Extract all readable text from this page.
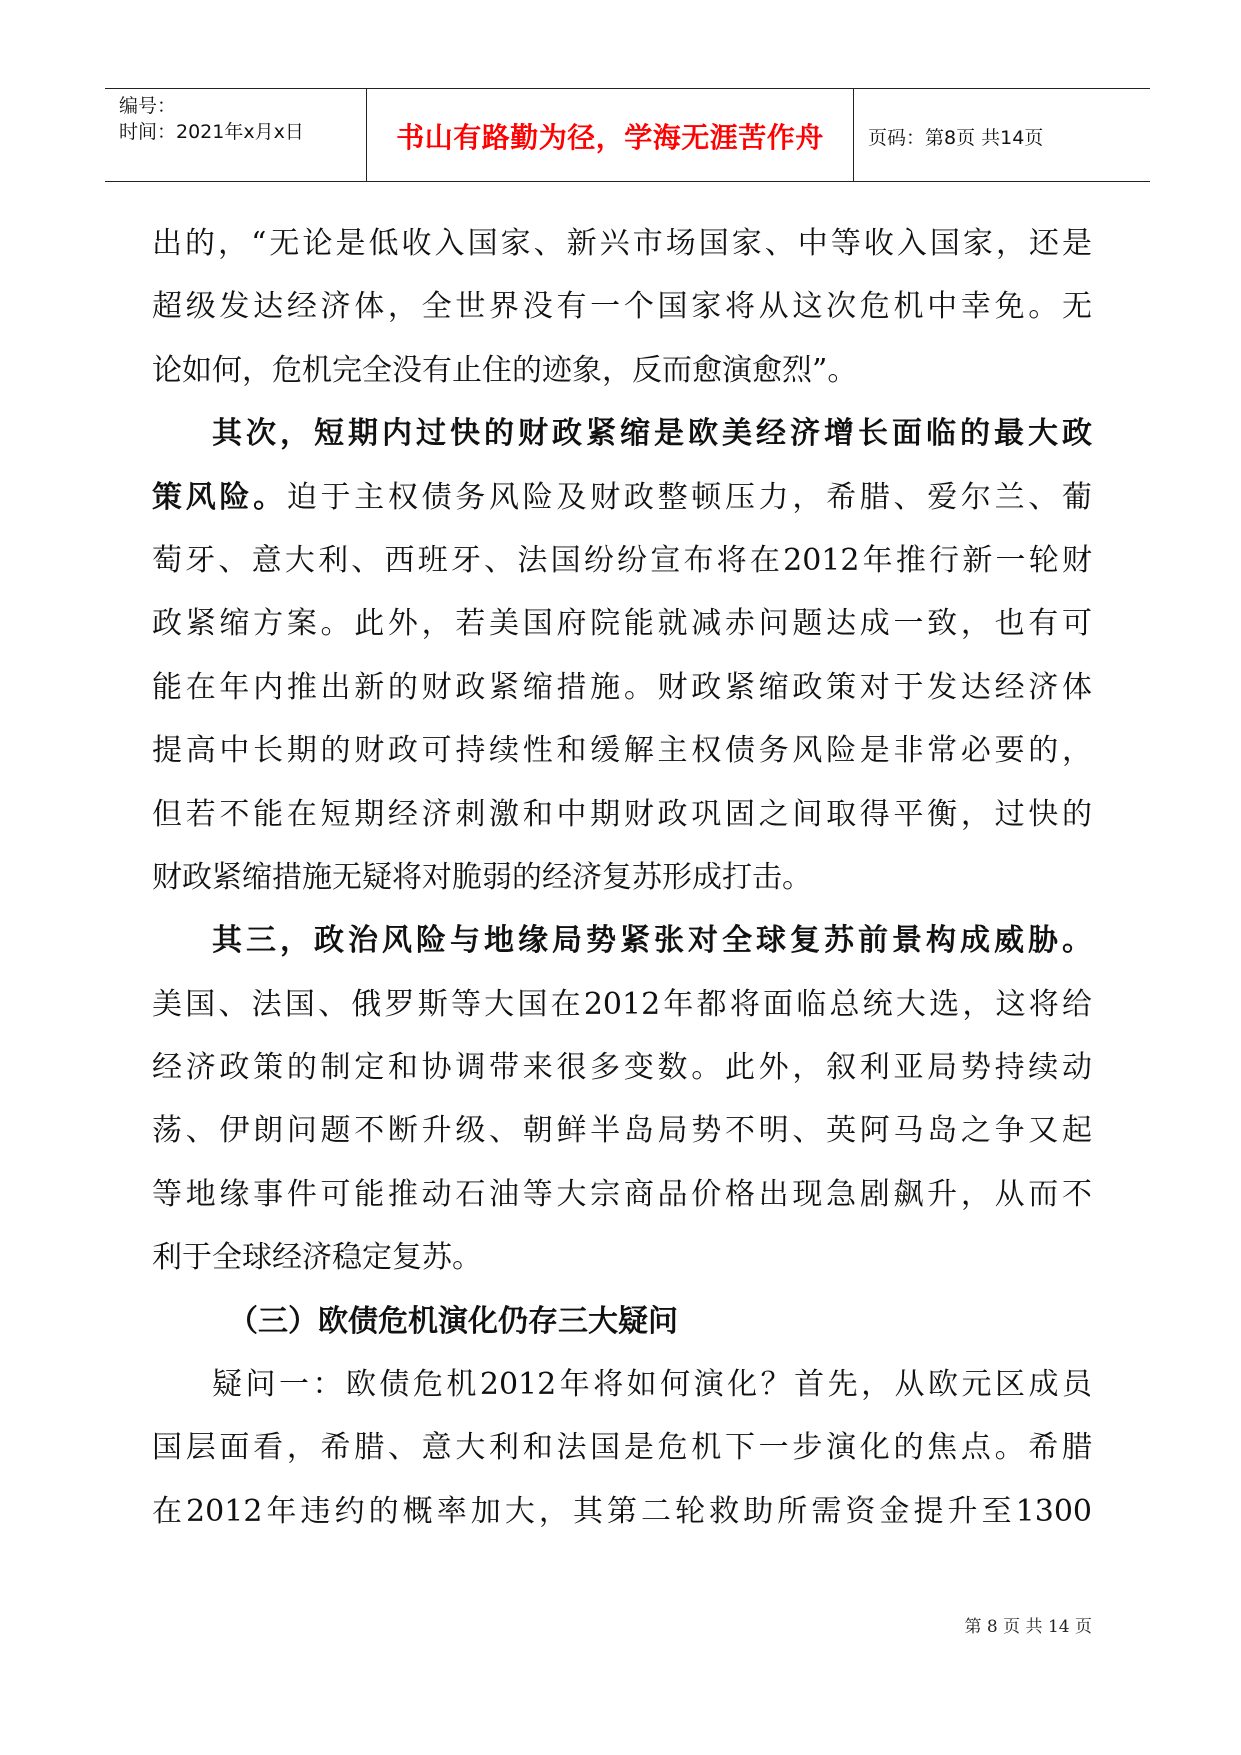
编号：
时间：2021年x月x日	书山有路勤为径，学海无涯苦作舟	页码：第8页 共14页
出的，“无论是低收入国家、新兴市场国家、中等收入国家，还是
超级发达经济体，全世界没有一个国家将从这次危机中幸免。无
论如何，危机完全没有止住的迹象，反而愈演愈烈”。
其次，短期内过快的财政紧缩是欧美经济增长面临的最大政
策风险。迫于主权债务风险及财政整顿压力，希腊、爱尔兰、葡
萄牙、意大利、西班牙、法国纷纷宣布将在2012年推行新一轮财
政紧缩方案。此外，若美国府院能就减赤问题达成一致，也有可
能在年内推出新的财政紧缩措施。财政紧缩政策对于发达经济体
提高中长期的财政可持续性和缓解主权债务风险是非常必要的，
但若不能在短期经济刺激和中期财政巩固之间取得平衡，过快的
财政紧缩措施无疑将对脆弱的经济复苏形成打击。
其三，政治风险与地缘局势紧张对全球复苏前景构成威胁。
美国、法国、俄罗斯等大国在2012年都将面临总统大选，这将给
经济政策的制定和协调带来很多变数。此外，叙利亚局势持续动
荡、伊朗问题不断升级、朝鲜半岛局势不明、英阿马岛之争又起
等地缘事件可能推动石油等大宗商品价格出现急剧飙升，从而不
利于全球经济稳定复苏。
（三）欧债危机演化仍存三大疑问
疑问一：欧债危机2012年将如何演化？首先，从欧元区成员
国层面看，希腊、意大利和法国是危机下一步演化的焦点。希腊
在2012年违约的概率加大，其第二轮救助所需资金提升至1300
第 8 页 共 14 页
